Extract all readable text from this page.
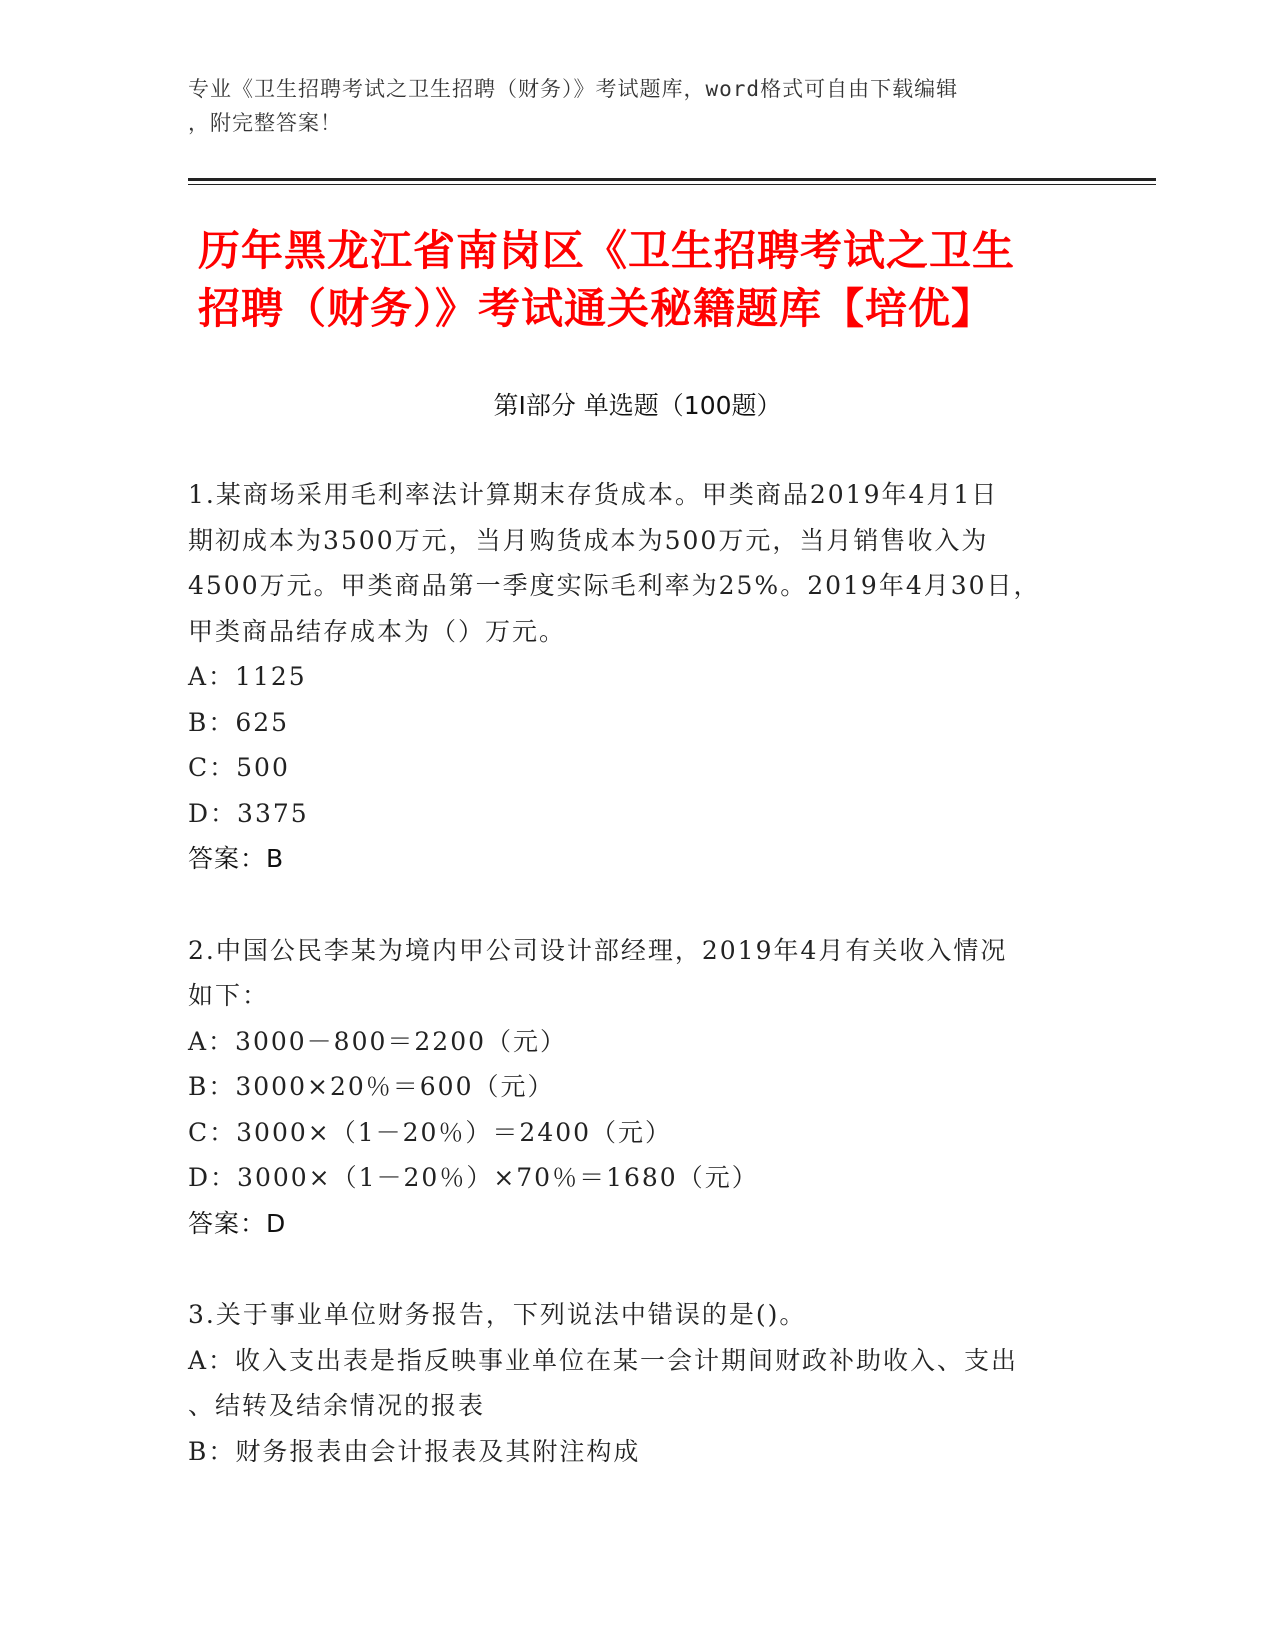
专业《卫生招聘考试之卫生招聘（财务）》考试题库，word格式可自由下载编辑
，附完整答案！
历年黑龙江省南岗区《卫生招聘考试之卫生
招聘（财务）》考试通关秘籍题库【培优】
第Ⅰ部分 单选题（100题）

1.某商场采用毛利率法计算期末存货成本。甲类商品2019年4月1日

期初成本为3500万元，当月购货成本为500万元，当月销售收入为

4500万元。甲类商品第一季度实际毛利率为25%。2019年4月30日，

甲类商品结存成本为（）万元。

A：1125

B：625

C：500

D：3375

答案：B

2.中国公民李某为境内甲公司设计部经理，2019年4月有关收入情况

如下：

A：3000－800＝2200（元）

B：3000×20％＝600（元）

C：3000×（1－20％）＝2400（元）

D：3000×（1－20％）×70％＝1680（元）

答案：D

3.关于事业单位财务报告，下列说法中错误的是()。

A：收入支出表是指反映事业单位在某一会计期间财政补助收入、支出

、结转及结余情况的报表

B：财务报表由会计报表及其附注构成
